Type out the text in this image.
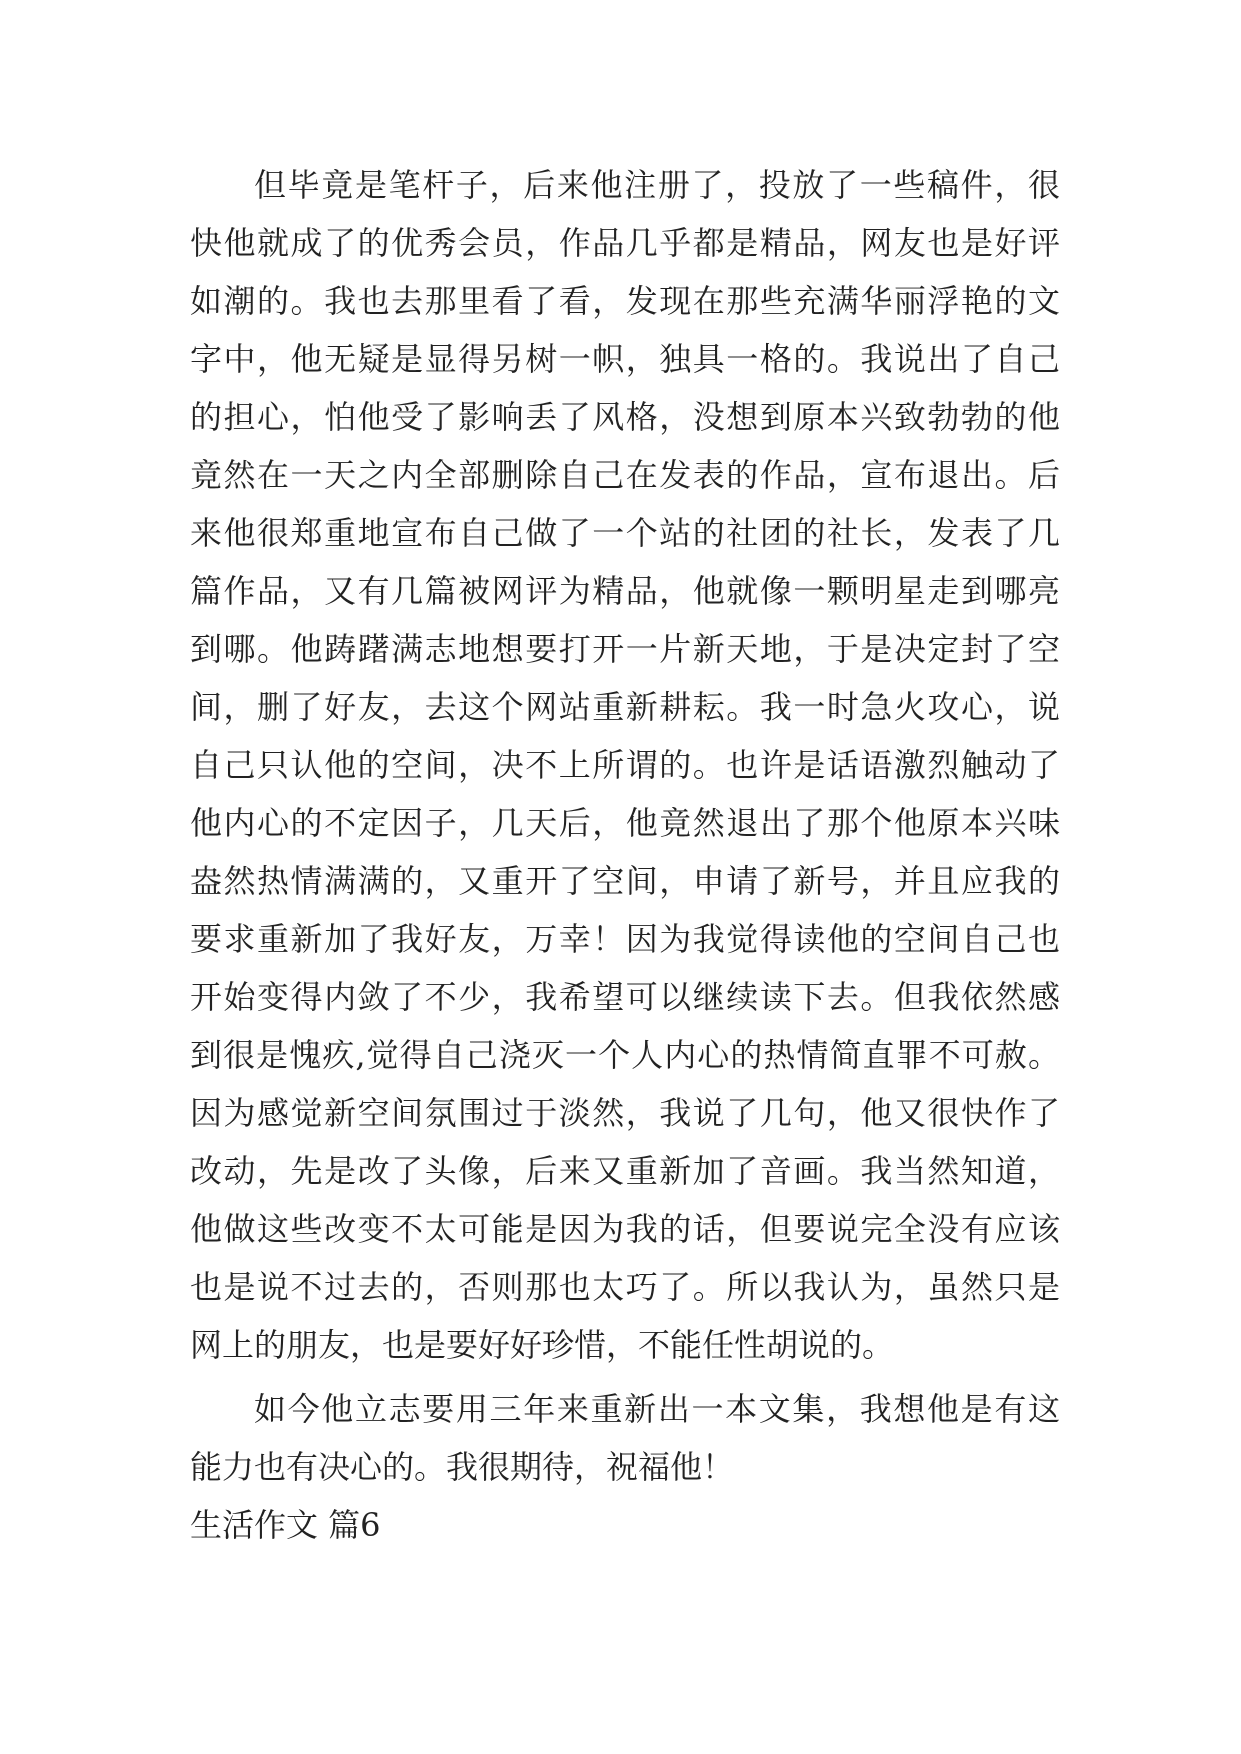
但毕竟是笔杆子，后来他注册了，投放了一些稿件，很
快他就成了的优秀会员，作品几乎都是精品，网友也是好评
如潮的。我也去那里看了看，发现在那些充满华丽浮艳的文
字中，他无疑是显得另树一帜，独具一格的。我说出了自己
的担心，怕他受了影响丢了风格，没想到原本兴致勃勃的他
竟然在一天之内全部删除自己在发表的作品，宣布退出。后
来他很郑重地宣布自己做了一个站的社团的社长，发表了几
篇作品，又有几篇被网评为精品，他就像一颗明星走到哪亮
到哪。他踌躇满志地想要打开一片新天地，于是决定封了空
间，删了好友，去这个网站重新耕耘。我一时急火攻心，说
自己只认他的空间，决不上所谓的。也许是话语激烈触动了
他内心的不定因子，几天后，他竟然退出了那个他原本兴味
盎然热情满满的，又重开了空间，申请了新号，并且应我的
要求重新加了我好友，万幸！因为我觉得读他的空间自己也
开始变得内敛了不少，我希望可以继续读下去。但我依然感
到很是愧疚,觉得自己浇灭一个人内心的热情简直罪不可赦。
因为感觉新空间氛围过于淡然，我说了几句，他又很快作了
改动，先是改了头像，后来又重新加了音画。我当然知道，
他做这些改变不太可能是因为我的话，但要说完全没有应该
也是说不过去的，否则那也太巧了。所以我认为，虽然只是
网上的朋友，也是要好好珍惜，不能任性胡说的。
如今他立志要用三年来重新出一本文集，我想他是有这
能力也有决心的。我很期待，祝福他！
生活作文 篇6
